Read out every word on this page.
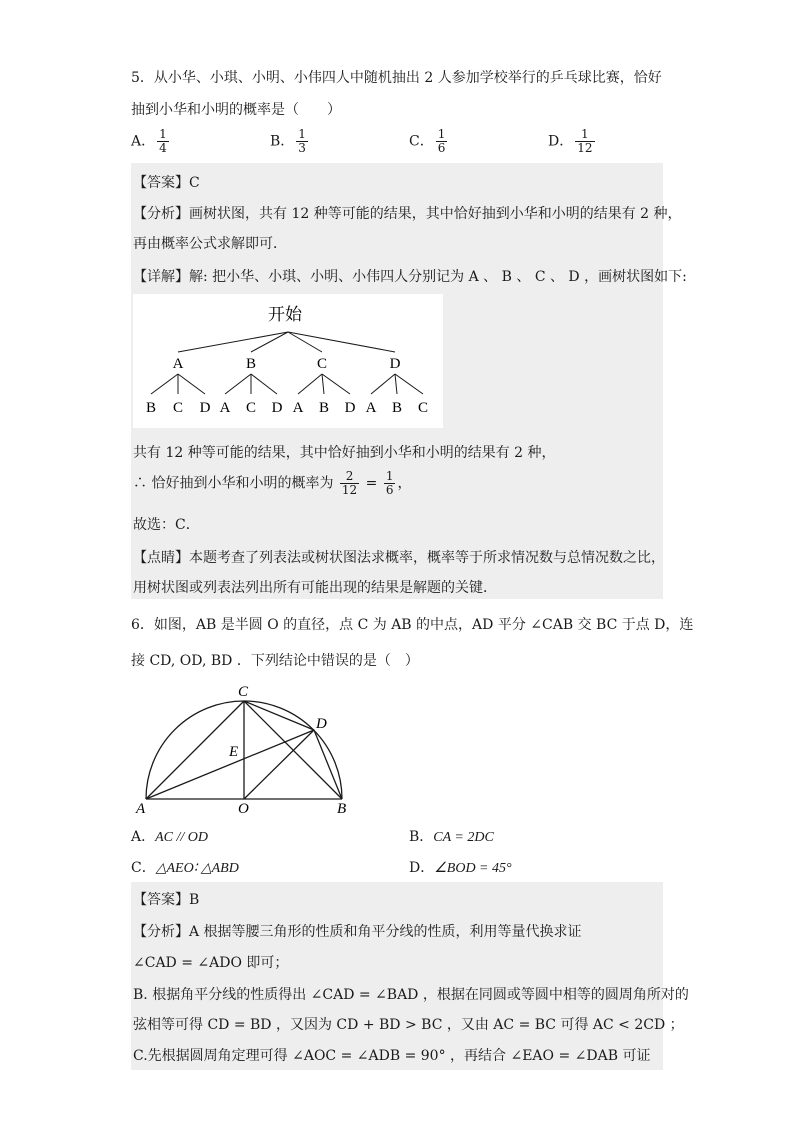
5．从小华、小琪、小明、小伟四人中随机抽出 2 人参加学校举行的乒乓球比赛，恰好
抽到小华和小明的概率是（　　）
A． $\frac{1}{4}$	B． $\frac{1}{3}$	C． $\frac{1}{6}$	D． $\frac{1}{12}$
【答案】C
【分析】画树状图，共有 12 种等可能的结果，其中恰好抽到小华和小明的结果有 2 种，
再由概率公式求解即可．
【详解】解: 把小华、小琪、小明、小伟四人分别记为 A 、 B 、 C 、 D ，画树状图如下:
开始
A	B	C	D
B C D A C D A B D A B C
共有 12 种等可能的结果，其中恰好抽到小华和小明的结果有 2 种，
∴ 恰好抽到小华和小明的概率为 $\frac{2}{12} = \frac{1}{6}$ ，
故选：C．
【点睛】本题考查了列表法或树状图法求概率，概率等于所求情况数与总情况数之比，
用树状图或列表法列出所有可能出现的结果是解题的关键．
6．如图，AB 是半圆 O 的直径，点 C 为 AB 的中点，AD 平分 ∠CAB 交 BC 于点 D，连
接 CD, OD, BD ．下列结论中错误的是（　）
C
D
E
A	O	B
A．AC // OD	B．CA = 2DC
C．△AEO∶ △ABD	D．∠BOD = 45°
【答案】B
【分析】A 根据等腰三角形的性质和角平分线的性质，利用等量代换求证
∠CAD = ∠ADO 即可；
B. 根据角平分线的性质得出 ∠CAD = ∠BAD ，根据在同圆或等圆中相等的圆周角所对的
弦相等可得 CD = BD ，又因为 CD + BD > BC ，又由 AC = BC 可得 AC < 2CD ；
C.先根据圆周角定理可得 ∠AOC = ∠ADB = 90° ，再结合 ∠EAO = ∠DAB 可证
